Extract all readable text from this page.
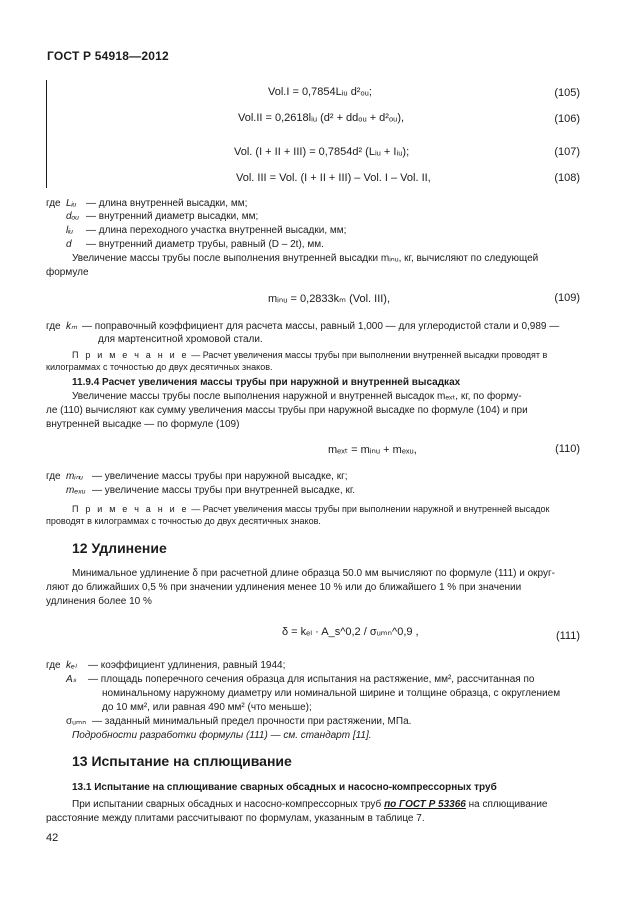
ГОСТ Р 54918—2012
Vol.I = 0,7854Lᵢᵤ d²ₒᵤ;	(105)
Vol.II = 0,2618lᵢᵤ (d² + ddₒᵤ + d²ₒᵤ),	(106)
Vol. (I + II + III) = 0,7854d² (Lᵢᵤ + Iᵢᵤ);	(107)
Vol. III = Vol. (I + II + III) – Vol. I – Vol. II,	(108)
где Lᵢᵤ — длина внутренней высадки, мм;
dₒᵤ — внутренний диаметр высадки, мм;
lᵢᵤ — длина переходного участка внутренней высадки, мм;
d — внутренний диаметр трубы, равный (D – 2t), мм.
Увеличение массы трубы после выполнения внутренней высадки mᵢₙᵤ, кг, вычисляют по следующей
формуле
mᵢₙᵤ = 0,2833kₘ (Vol. III),	(109)
где kₘ — поправочный коэффициент для расчета массы, равный 1,000 — для углеродистой стали и 0,989 —
для мартенситной хромовой стали.
П р и м е ч а н и е — Расчет увеличения массы трубы при выполнении внутренней высадки проводят в
килограммах с точностью до двух десятичных знаков.
11.9.4 Расчет увеличения массы трубы при наружной и внутренней высадках
Увеличение массы трубы после выполнения наружной и внутренней высадок mₑₓₜ, кг, по форму-
ле (110) вычисляют как сумму увеличения массы трубы при наружной высадке по формуле (104) и при
внутренней высадке — по формуле (109)
mₑₓₜ = mᵢₙᵤ + mₑₓᵤ,	(110)
где mᵢₙᵤ — увеличение массы трубы при наружной высадке, кг;
mₑₓᵤ — увеличение массы трубы при внутренней высадке, кг.
П р и м е ч а н и е — Расчет увеличения массы трубы при выполнении наружной и внутренней высадок
проводят в килограммах с точностью до двух десятичных знаков.
12 Удлинение
Минимальное удлинение δ при расчетной длине образца 50.0 мм вычисляют по формуле (111) и округ-
ляют до ближайших 0,5 % при значении удлинения менее 10 % или до ближайшего 1 % при значении
удлинения более 10 %
δ = kₑₗ · A_s^0,2 / σᵤₘₙ^0,9 ,	(111)
где kₑₗ — коэффициент удлинения, равный 1944;
Aₛ — площадь поперечного сечения образца для испытания на растяжение, мм², рассчитанная по
номинальному наружному диаметру или номинальной ширине и толщине образца, с округлением
до 10 мм², или равная 490 мм² (что меньше);
σᵤₘₙ — заданный минимальный предел прочности при растяжении, МПа.
Подробности разработки формулы (111) — см. стандарт [11].
13 Испытание на сплющивание
13.1 Испытание на сплющивание сварных обсадных и насосно-компрессорных труб
При испытании сварных обсадных и насосно-компрессорных труб по ГОСТ Р 53366 на сплющивание
расстояние между плитами рассчитывают по формулам, указанным в таблице 7.
42
